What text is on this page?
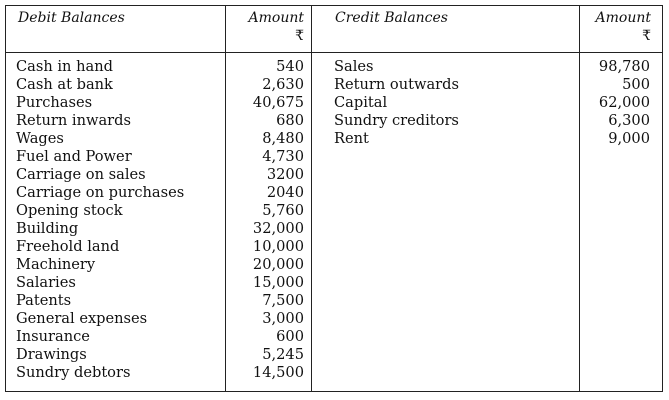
Debit Balances	Amount
₹
Credit Balances	Amount
₹
Cash in hand
Cash at bank
Purchases
Return inwards
Wages
Fuel and Power
Carriage on sales
Carriage on purchases
Opening stock
Building
Freehold land
Machinery
Salaries
Patents
General expenses
Insurance
Drawings
Sundry debtors
540
2,630
40,675
680
8,480
4,730
3200
2040
5,760
32,000
10,000
20,000
15,000
7,500
3,000
600
5,245
14,500
Sales
Return outwards
Capital
Sundry creditors
Rent
98,780
500
62,000
6,300
9,000
